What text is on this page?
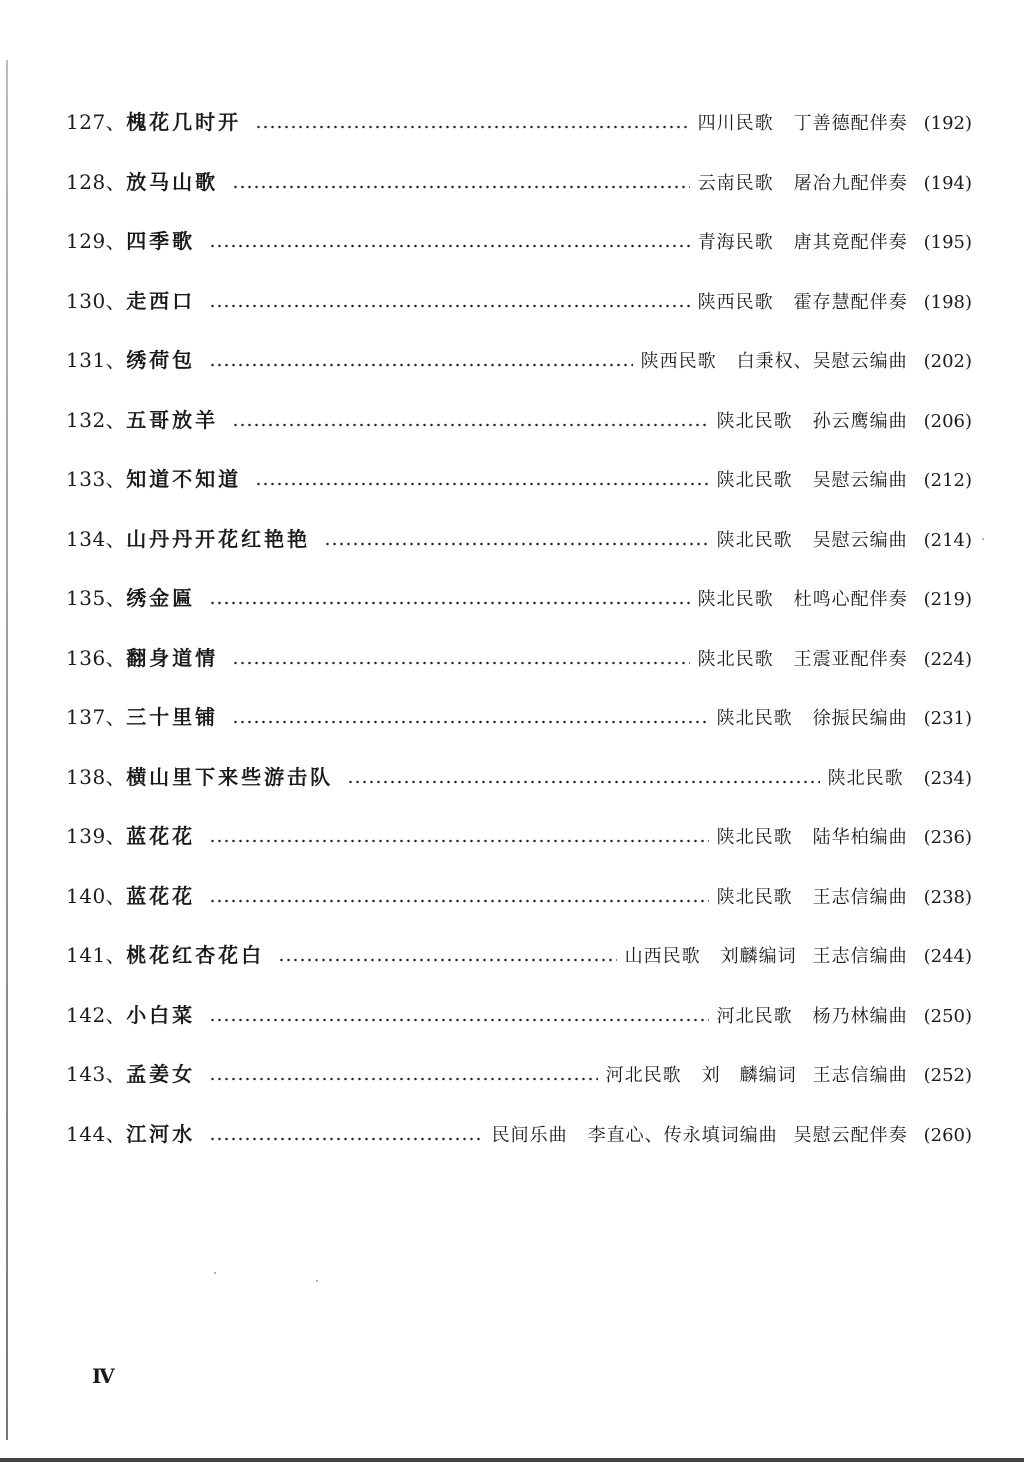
127、 槐花几时开	四川民歌 丁善德配伴奏 (192)
128、 放马山歌	云南民歌 屠冶九配伴奏 (194)
129、 四季歌	青海民歌 唐其竟配伴奏 (195)
130、 走西口	陕西民歌 霍存慧配伴奏 (198)
131、 绣荷包	陕西民歌 白秉权、吴慰云编曲 (202)
132、 五哥放羊	陕北民歌 孙云鹰编曲 (206)
133、 知道不知道	陕北民歌 吴慰云编曲 (212)
134、 山丹丹开花红艳艳	陕北民歌 吴慰云编曲 (214)
135、 绣金匾	陕北民歌 杜鸣心配伴奏 (219)
136、 翻身道情	陕北民歌 王震亚配伴奏 (224)
137、 三十里铺	陕北民歌 徐振民编曲 (231)
138、 横山里下来些游击队	陕北民歌 (234)
139、 蓝花花	陕北民歌 陆华柏编曲 (236)
140、 蓝花花	陕北民歌 王志信编曲 (238)
141、 桃花红杏花白	山西民歌 刘麟编词 王志信编曲 (244)
142、 小白菜	河北民歌 杨乃林编曲 (250)
143、 孟姜女	河北民歌 刘　麟编词 王志信编曲 (252)
144、 江河水	民间乐曲 李直心、传永填词编曲 吴慰云配伴奏 (260)
Ⅳ
